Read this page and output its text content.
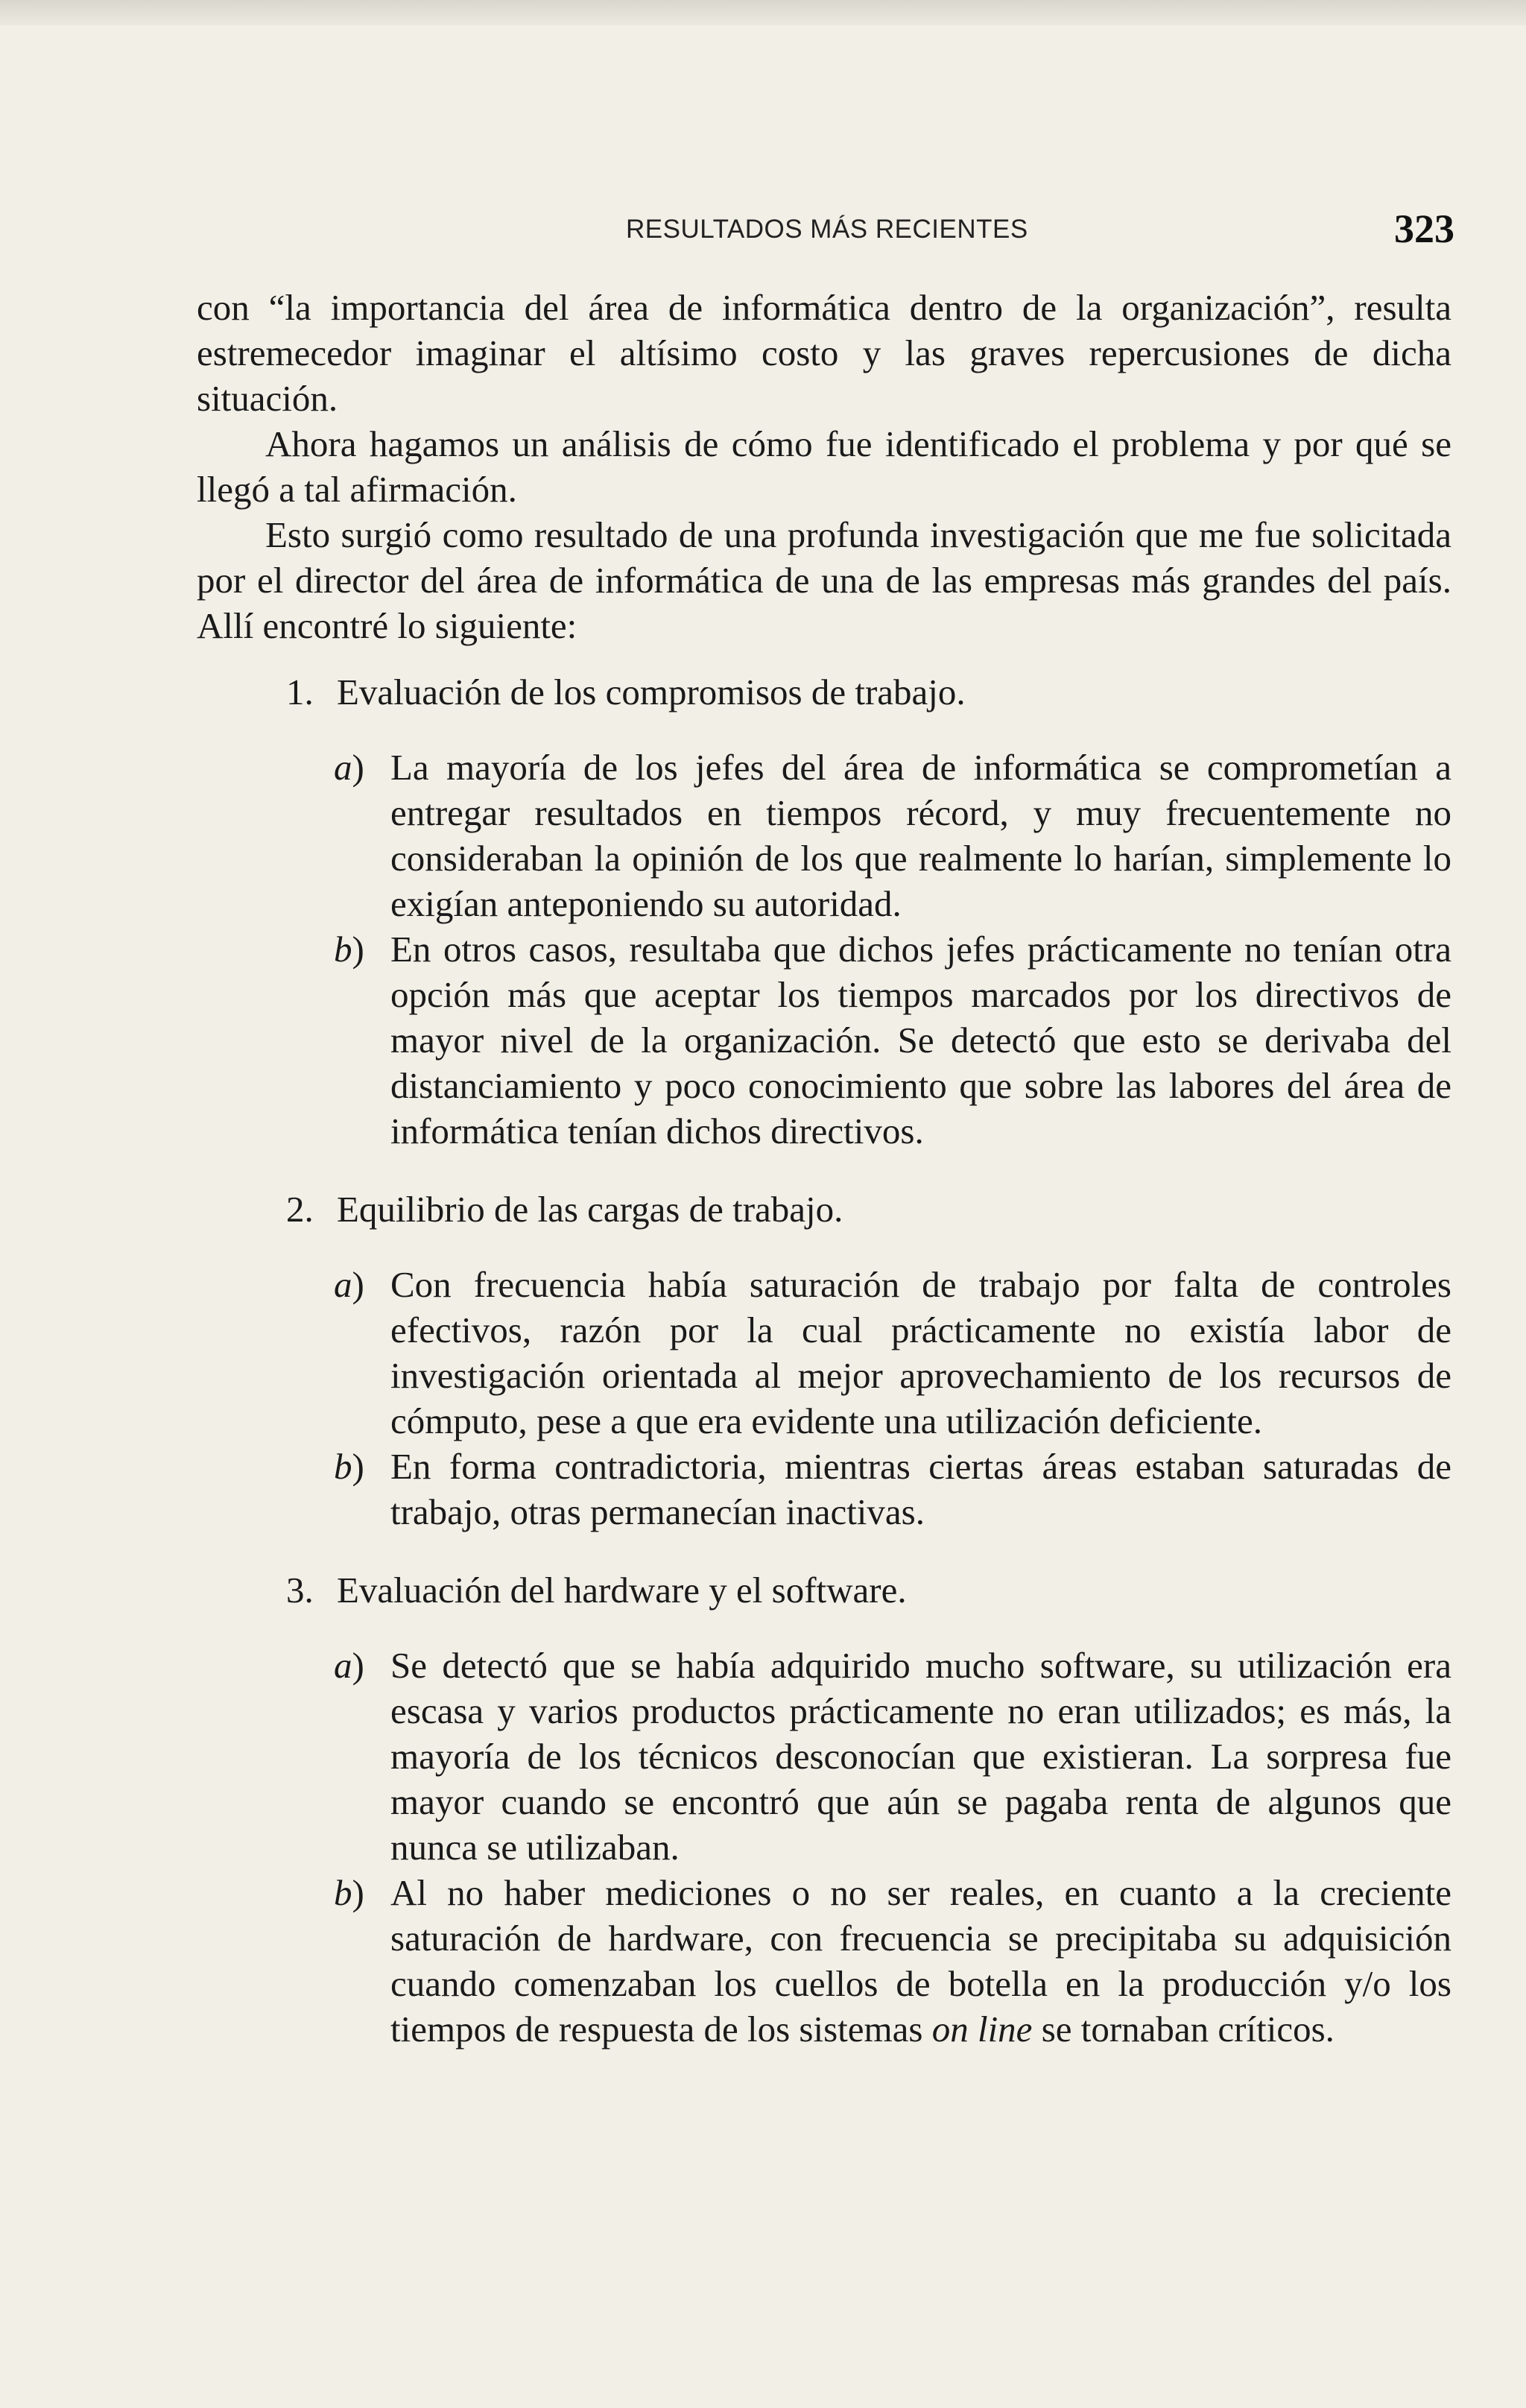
RESULTADOS MÁS RECIENTES	323

con “la importancia del área de informática dentro de la organización”, resulta estremecedor imaginar el altísimo costo y las graves repercusiones de dicha situación.

Ahora hagamos un análisis de cómo fue identificado el problema y por qué se llegó a tal afirmación.

Esto surgió como resultado de una profunda investigación que me fue solicitada por el director del área de informática de una de las empresas más grandes del país. Allí encontré lo siguiente:

1. Evaluación de los compromisos de trabajo.
a) La mayoría de los jefes del área de informática se comprometían a entregar resultados en tiempos récord, y muy frecuentemente no consideraban la opinión de los que realmente lo harían, simplemente lo exigían anteponiendo su autoridad.
b) En otros casos, resultaba que dichos jefes prácticamente no tenían otra opción más que aceptar los tiempos marcados por los directivos de mayor nivel de la organización. Se detectó que esto se derivaba del distanciamiento y poco conocimiento que sobre las labores del área de informática tenían dichos directivos.
2. Equilibrio de las cargas de trabajo.
a) Con frecuencia había saturación de trabajo por falta de controles efectivos, razón por la cual prácticamente no existía labor de investigación orientada al mejor aprovechamiento de los recursos de cómputo, pese a que era evidente una utilización deficiente.
b) En forma contradictoria, mientras ciertas áreas estaban saturadas de trabajo, otras permanecían inactivas.
3. Evaluación del hardware y el software.
a) Se detectó que se había adquirido mucho software, su utilización era escasa y varios productos prácticamente no eran utilizados; es más, la mayoría de los técnicos desconocían que existieran. La sorpresa fue mayor cuando se encontró que aún se pagaba renta de algunos que nunca se utilizaban.
b) Al no haber mediciones o no ser reales, en cuanto a la creciente saturación de hardware, con frecuencia se precipitaba su adquisición cuando comenzaban los cuellos de botella en la producción y/o los tiempos de respuesta de los sistemas on line se tornaban críticos.
